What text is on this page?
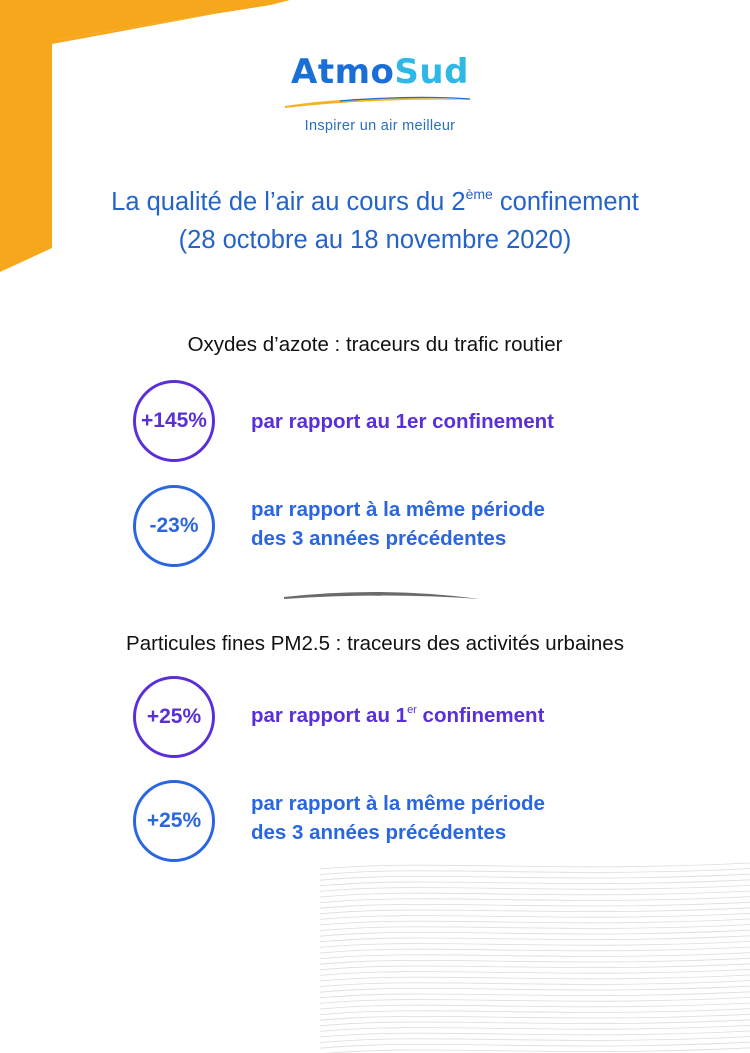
AtmoSud
Inspirer un air meilleur
La qualité de l’air au cours du 2ème confinement
(28 octobre au 18 novembre 2020)
Oxydes d’azote : traceurs du trafic routier
+145%	par rapport au 1er confinement
-23%
par rapport à la même période
des 3 années précédentes
Particules fines PM2.5 : traceurs des activités urbaines
+25%	par rapport au 1er confinement
+25%
par rapport à la même période
des 3 années précédentes
